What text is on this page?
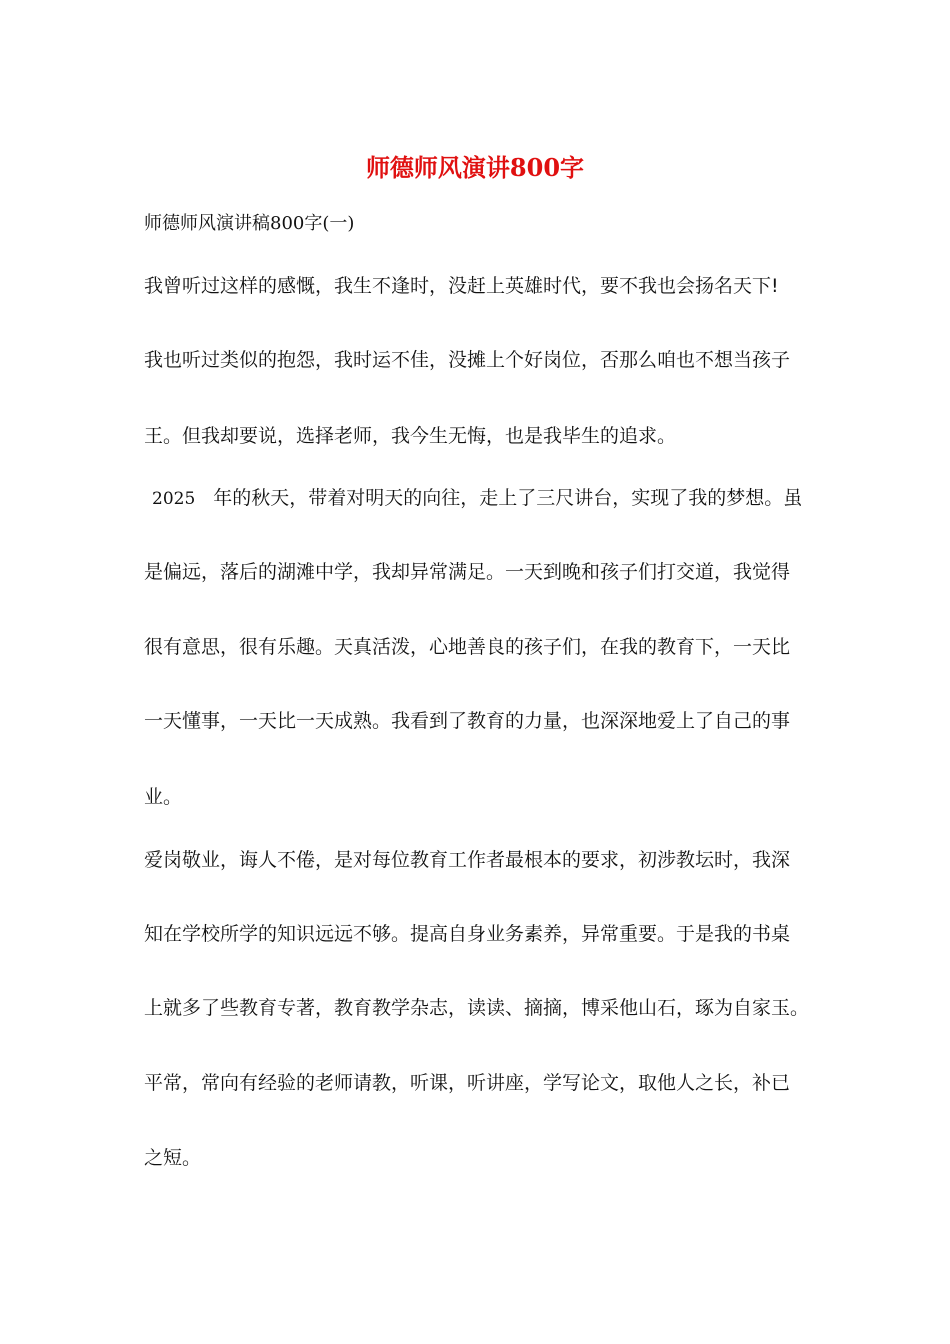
师德师风演讲800字
师德师风演讲稿800字(一)
我曾听过这样的感慨，我生不逢时，没赶上英雄时代，要不我也会扬名天下!
我也听过类似的抱怨，我时运不佳，没摊上个好岗位，否那么咱也不想当孩子
王。但我却要说，选择老师，我今生无悔，也是我毕生的追求。
2025 年的秋天，带着对明天的向往，走上了三尺讲台，实现了我的梦想。虽
是偏远，落后的湖滩中学，我却异常满足。一天到晚和孩子们打交道，我觉得
很有意思，很有乐趣。天真活泼，心地善良的孩子们，在我的教育下，一天比
一天懂事，一天比一天成熟。我看到了教育的力量，也深深地爱上了自己的事
业。
爱岗敬业，诲人不倦，是对每位教育工作者最根本的要求，初涉教坛时，我深
知在学校所学的知识远远不够。提高自身业务素养，异常重要。于是我的书桌
上就多了些教育专著，教育教学杂志，读读、摘摘，博采他山石，琢为自家玉。
平常，常向有经验的老师请教，听课，听讲座，学写论文，取他人之长，补已
之短。
